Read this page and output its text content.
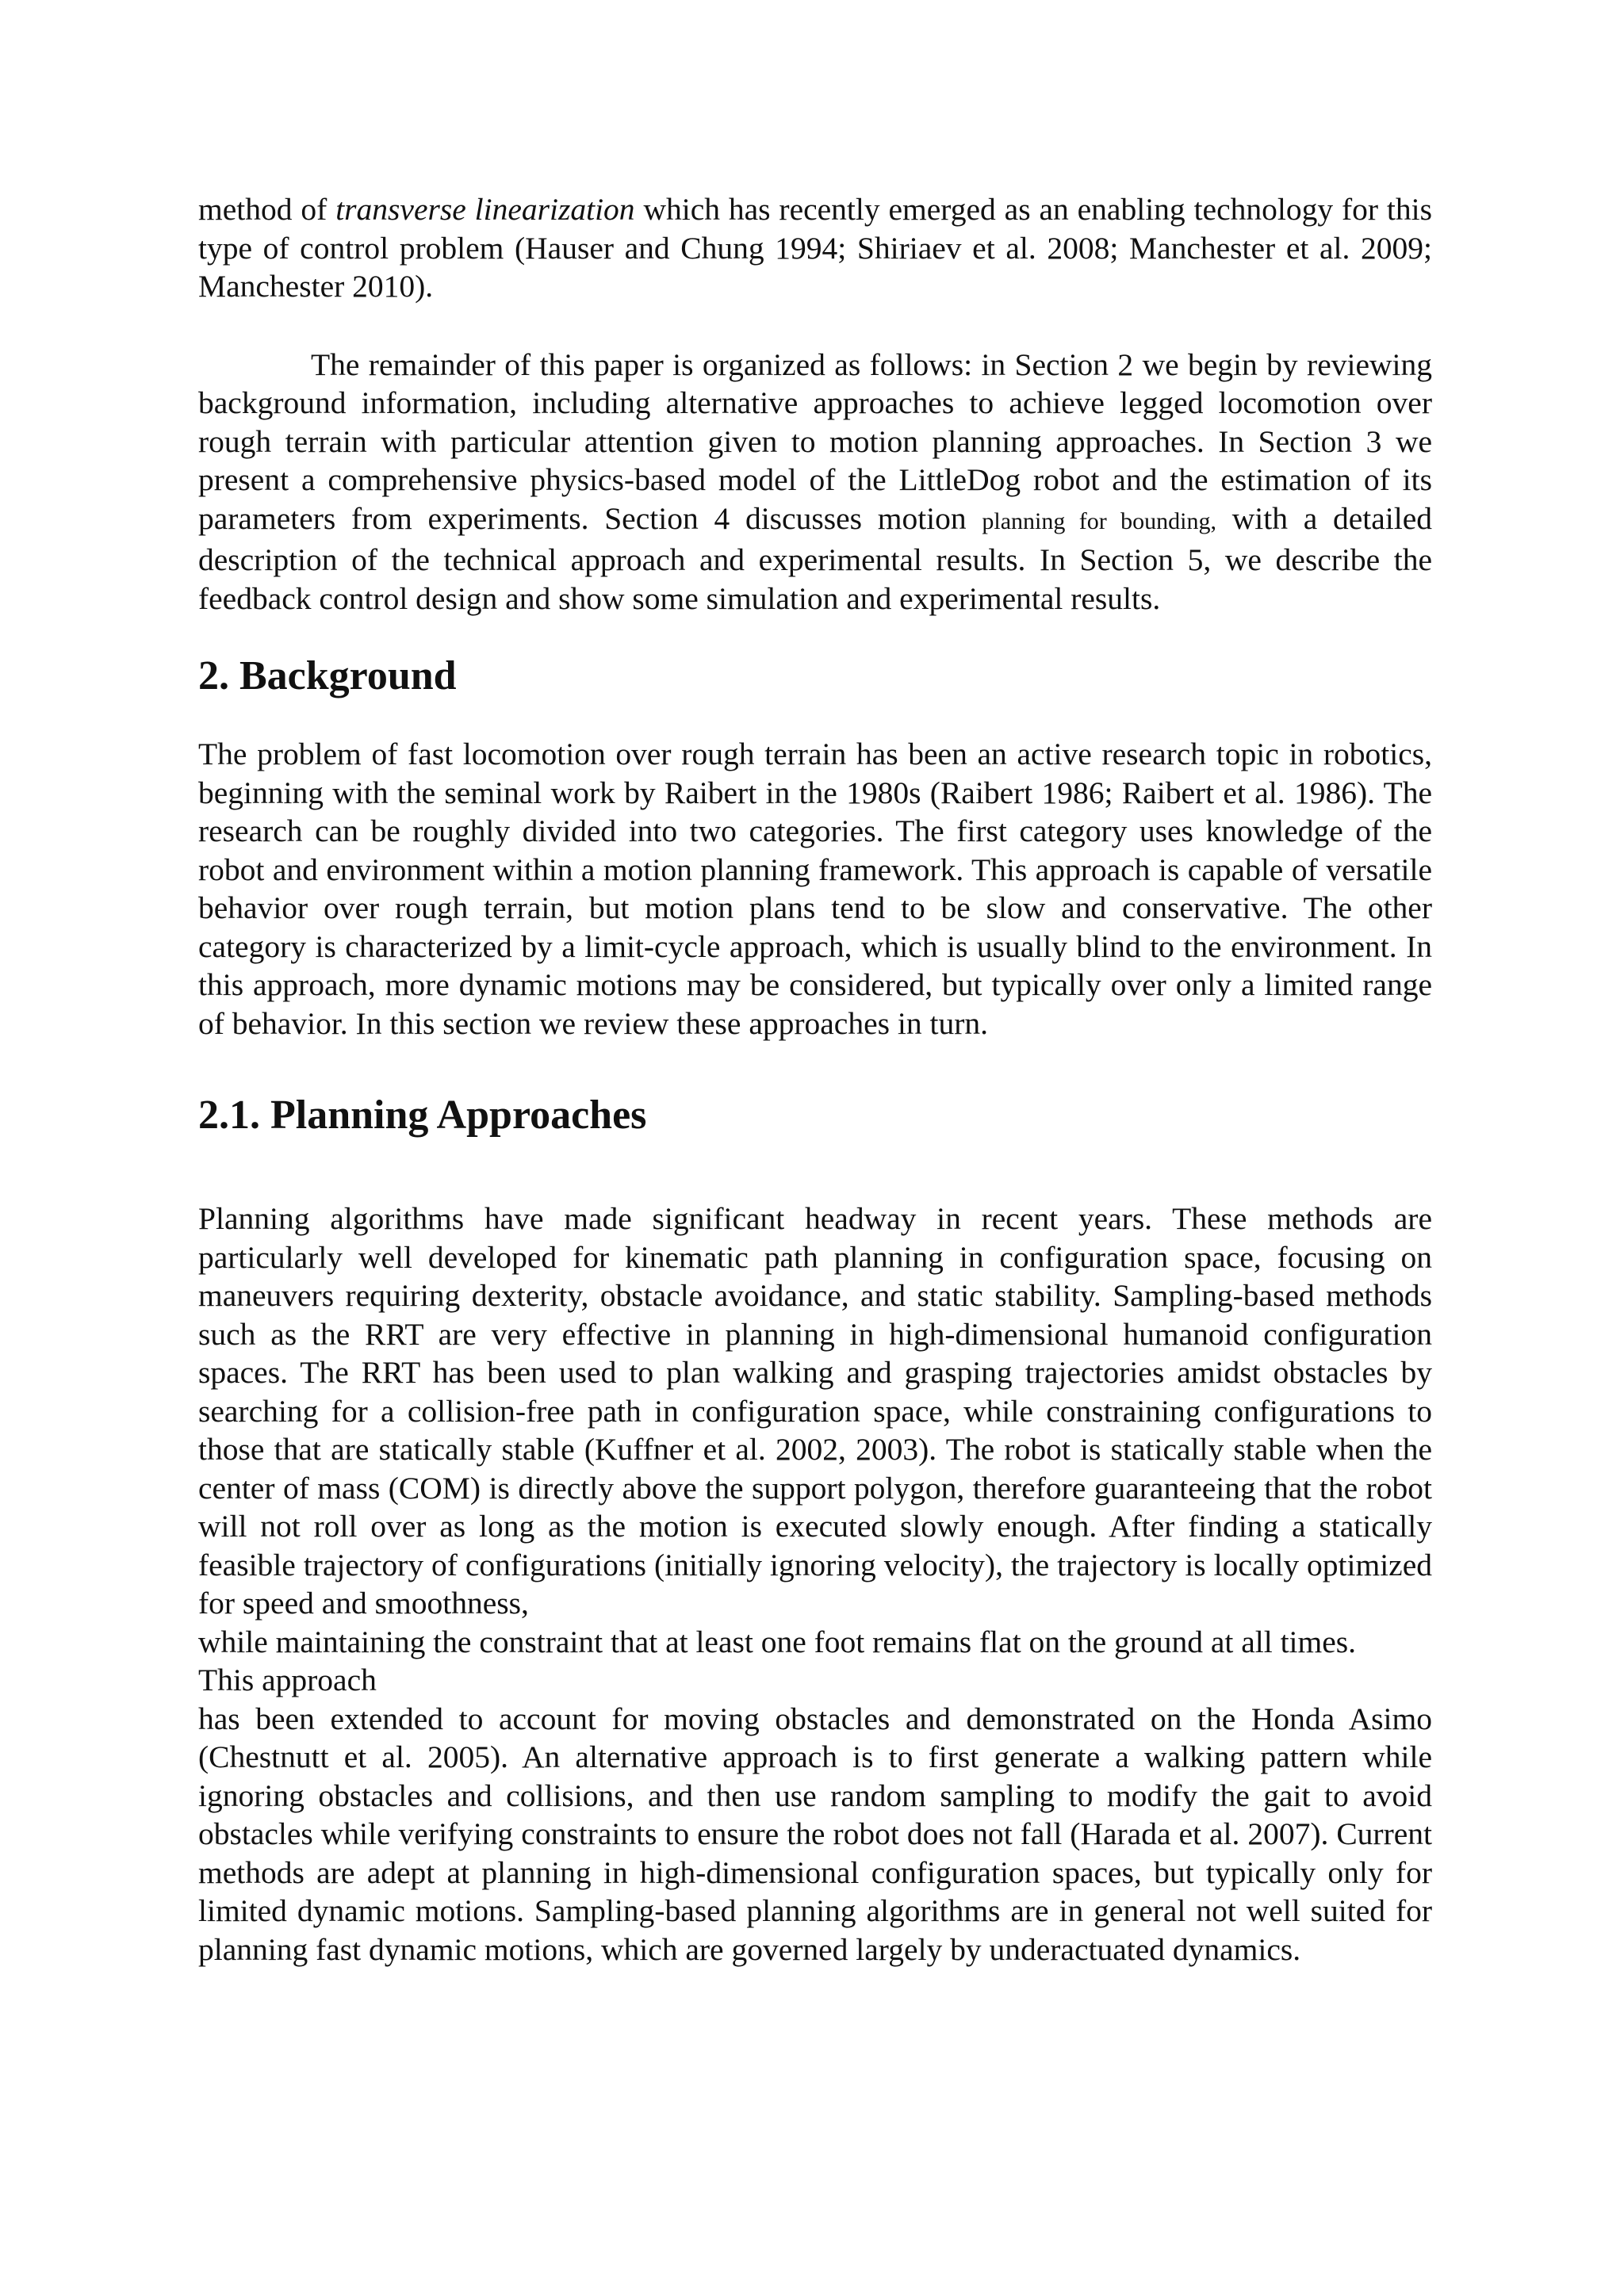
method of transverse linearization which has recently emerged as an enabling technology for this type of control problem (Hauser and Chung 1994; Shiriaev et al. 2008; Manchester et al. 2009; Manchester 2010).

The remainder of this paper is organized as follows: in Section 2 we begin by reviewing background information, including alternative approaches to achieve legged locomotion over rough terrain with particular attention given to motion planning approaches. In Section 3 we present a comprehensive physics-based model of the LittleDog robot and the estimation of its parameters from experiments. Section 4 discusses motion planning for bounding, with a detailed description of the technical approach and experimental results. In Section 5, we describe the feedback control design and show some simulation and experimental results.

2. Background

The problem of fast locomotion over rough terrain has been an active research topic in robotics, beginning with the seminal work by Raibert in the 1980s (Raibert 1986; Raibert et al. 1986). The research can be roughly divided into two categories. The first category uses knowledge of the robot and environment within a motion planning framework. This approach is capable of versatile behavior over rough terrain, but motion plans tend to be slow and conservative. The other category is characterized by a limit-cycle approach, which is usually blind to the environment. In this approach, more dynamic motions may be considered, but typically over only a limited range of behavior. In this section we review these approaches in turn.

2.1. Planning Approaches

Planning algorithms have made significant headway in recent years. These methods are particularly well developed for kinematic path planning in configuration space, focusing on maneuvers requiring dexterity, obstacle avoidance, and static stability. Sampling-based methods such as the RRT are very effective in planning in high-dimensional humanoid configuration spaces. The RRT has been used to plan walking and grasping trajectories amidst obstacles by searching for a collision-free path in configuration space, while constraining configurations to those that are statically stable (Kuffner et al. 2002, 2003). The robot is statically stable when the center of mass (COM) is directly above the support polygon, therefore guaranteeing that the robot will not roll over as long as the motion is executed slowly enough. After finding a statically feasible trajectory of configurations (initially ignoring velocity), the trajectory is locally optimized for speed and smoothness,

while maintaining the constraint that at least one foot remains flat on the ground at all times.

This approach

has been extended to account for moving obstacles and demonstrated on the Honda Asimo (Chestnutt et al. 2005). An alternative approach is to first generate a walking pattern while ignoring obstacles and collisions, and then use random sampling to modify the gait to avoid obstacles while verifying constraints to ensure the robot does not fall (Harada et al. 2007). Current methods are adept at planning in high-dimensional configuration spaces, but typically only for limited dynamic motions. Sampling-based planning algorithms are in general not well suited for planning fast dynamic motions, which are governed largely by underactuated dynamics.
